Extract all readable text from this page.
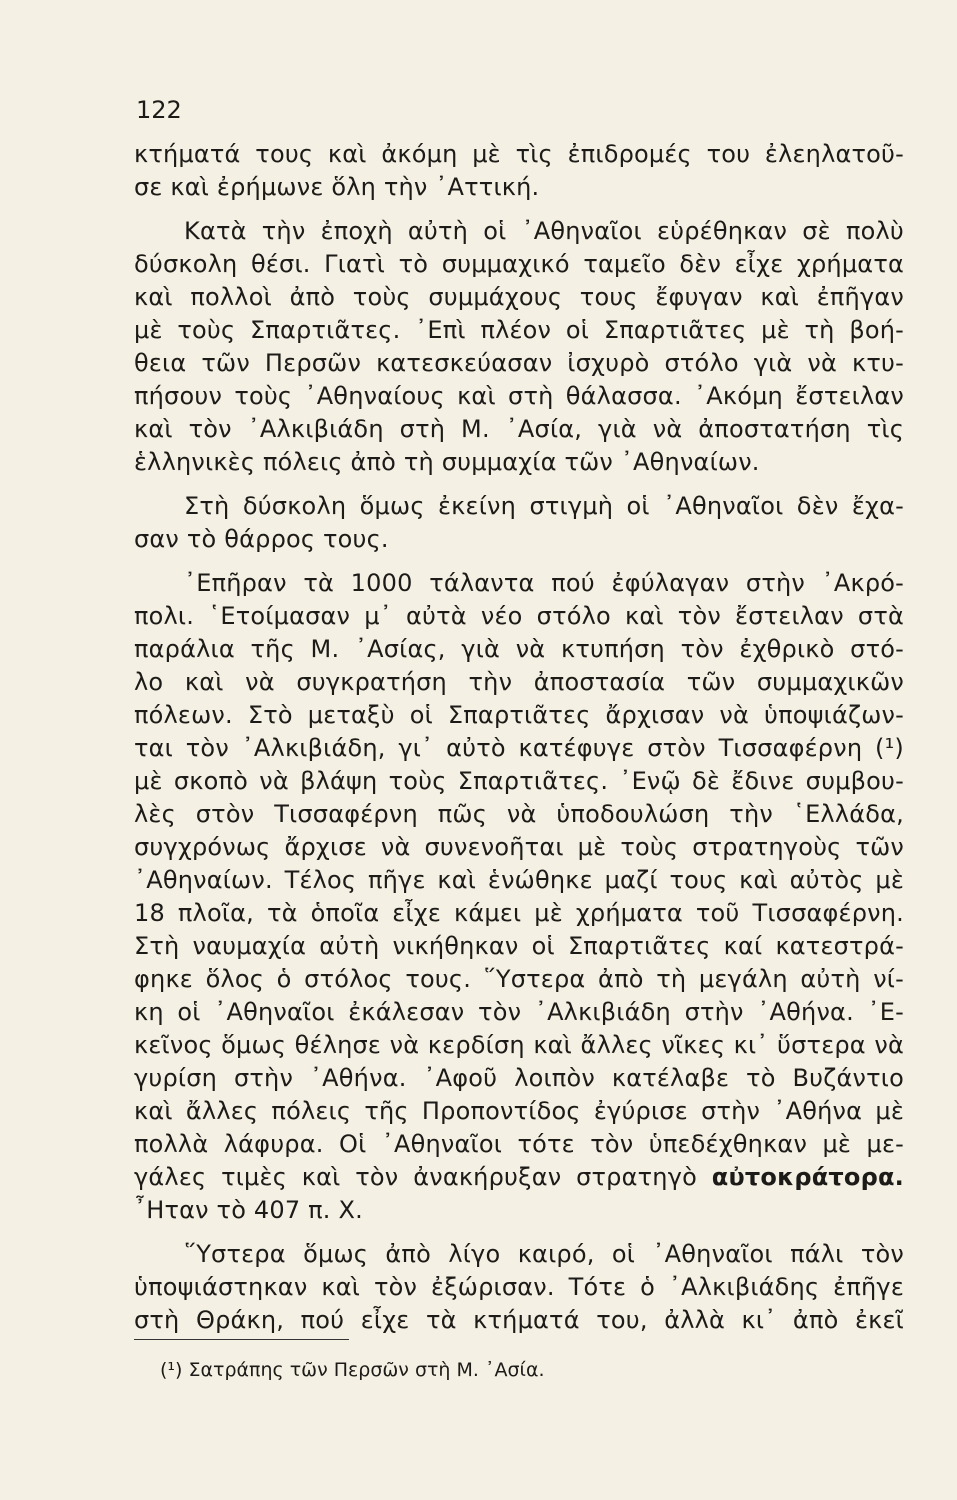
122
κτήματά τους καὶ ἀκόμη μὲ τὶς ἐπιδρομές του ἐλεηλατοῦ-
σε καὶ ἐρήμωνε ὅλη τὴν ᾿Αττική.
Κατὰ τὴν ἐποχὴ αὐτὴ οἱ ᾿Αθηναῖοι εὑρέθηκαν σὲ πολὺ
δύσκολη θέσι. Γιατὶ τὸ συμμαχικό ταμεῖο δὲν εἶχε χρήματα
καὶ πολλοὶ ἀπὸ τοὺς συμμάχους τους ἔφυγαν καὶ ἐπῆγαν
μὲ τοὺς Σπαρτιᾶτες. ᾿Επὶ πλέον οἱ Σπαρτιᾶτες μὲ τὴ βοή-
θεια τῶν Περσῶν κατεσκεύασαν ἰσχυρὸ στόλο γιὰ νὰ κτυ-
πήσουν τοὺς ᾿Αθηναίους καὶ στὴ θάλασσα. ᾿Ακόμη ἔστειλαν
καὶ τὸν ᾿Αλκιβιάδη στὴ Μ. ᾿Ασία, γιὰ νὰ ἀποστατήση τὶς
ἑλληνικὲς πόλεις ἀπὸ τὴ συμμαχία τῶν ᾿Αθηναίων.
Στὴ δύσκολη ὅμως ἐκείνη στιγμὴ οἱ ᾿Αθηναῖοι δὲν ἔχα-
σαν τὸ θάρρος τους.
᾿Επῆραν τὰ 1000 τάλαντα πού ἐφύλαγαν στὴν ᾿Ακρό-
πολι. ῾Ετοίμασαν μ᾿ αὐτὰ νέο στόλο καὶ τὸν ἔστειλαν στὰ
παράλια τῆς Μ. ᾿Ασίας, γιὰ νὰ κτυπήση τὸν ἐχθρικὸ στό-
λο καὶ νὰ συγκρατήση τὴν ἀποστασία τῶν συμμαχικῶν
πόλεων. Στὸ μεταξὺ οἱ Σπαρτιᾶτες ἄρχισαν νὰ ὑποψιάζων-
ται τὸν ᾿Αλκιβιάδη, γι᾿ αὐτὸ κατέφυγε στὸν Τισσαφέρνη (¹)
μὲ σκοπὸ νὰ βλάψη τοὺς Σπαρτιᾶτες. ᾿Ενῷ δὲ ἔδινε συμβου-
λὲς στὸν Τισσαφέρνη πῶς νὰ ὑποδουλώση τὴν ῾Ελλάδα,
συγχρόνως ἄρχισε νὰ συνενοῆται μὲ τοὺς στρατηγοὺς τῶν
᾿Αθηναίων. Τέλος πῆγε καὶ ἑνώθηκε μαζί τους καὶ αὐτὸς μὲ
18 πλοῖα, τὰ ὁποῖα εἶχε κάμει μὲ χρήματα τοῦ Τισσαφέρνη.
Στὴ ναυμαχία αὐτὴ νικήθηκαν οἱ Σπαρτιᾶτες καί κατεστρά-
φηκε ὅλος ὁ στόλος τους. ῞Υστερα ἀπὸ τὴ μεγάλη αὐτὴ νί-
κη οἱ ᾿Αθηναῖοι ἐκάλεσαν τὸν ᾿Αλκιβιάδη στὴν ᾿Αθήνα. ᾿Ε-
κεῖνος ὅμως θέλησε νὰ κερδίση καὶ ἄλλες νῖκες κι᾿ ὕστερα νὰ
γυρίση στὴν ᾿Αθήνα. ᾿Αφοῦ λοιπὸν κατέλαβε τὸ Βυζάντιο
καὶ ἄλλες πόλεις τῆς Προποντίδος ἐγύρισε στὴν ᾿Αθήνα μὲ
πολλὰ λάφυρα. Οἱ ᾿Αθηναῖοι τότε τὸν ὑπεδέχθηκαν μὲ με-
γάλες τιμὲς καὶ τὸν ἀνακήρυξαν στρατηγὸ αὐτοκράτορα.
῏Ηταν τὸ 407 π. Χ.
῞Υστερα ὅμως ἀπὸ λίγο καιρό, οἱ ᾿Αθηναῖοι πάλι τὸν
ὑποψιάστηκαν καὶ τὸν ἐξώρισαν. Τότε ὁ ᾿Αλκιβιάδης ἐπῆγε
στὴ Θράκη, πού εἶχε τὰ κτήματά του, ἀλλὰ κι᾿ ἀπὸ ἐκεῖ
(¹) Σατράπης τῶν Περσῶν στὴ Μ. ᾿Ασία.
